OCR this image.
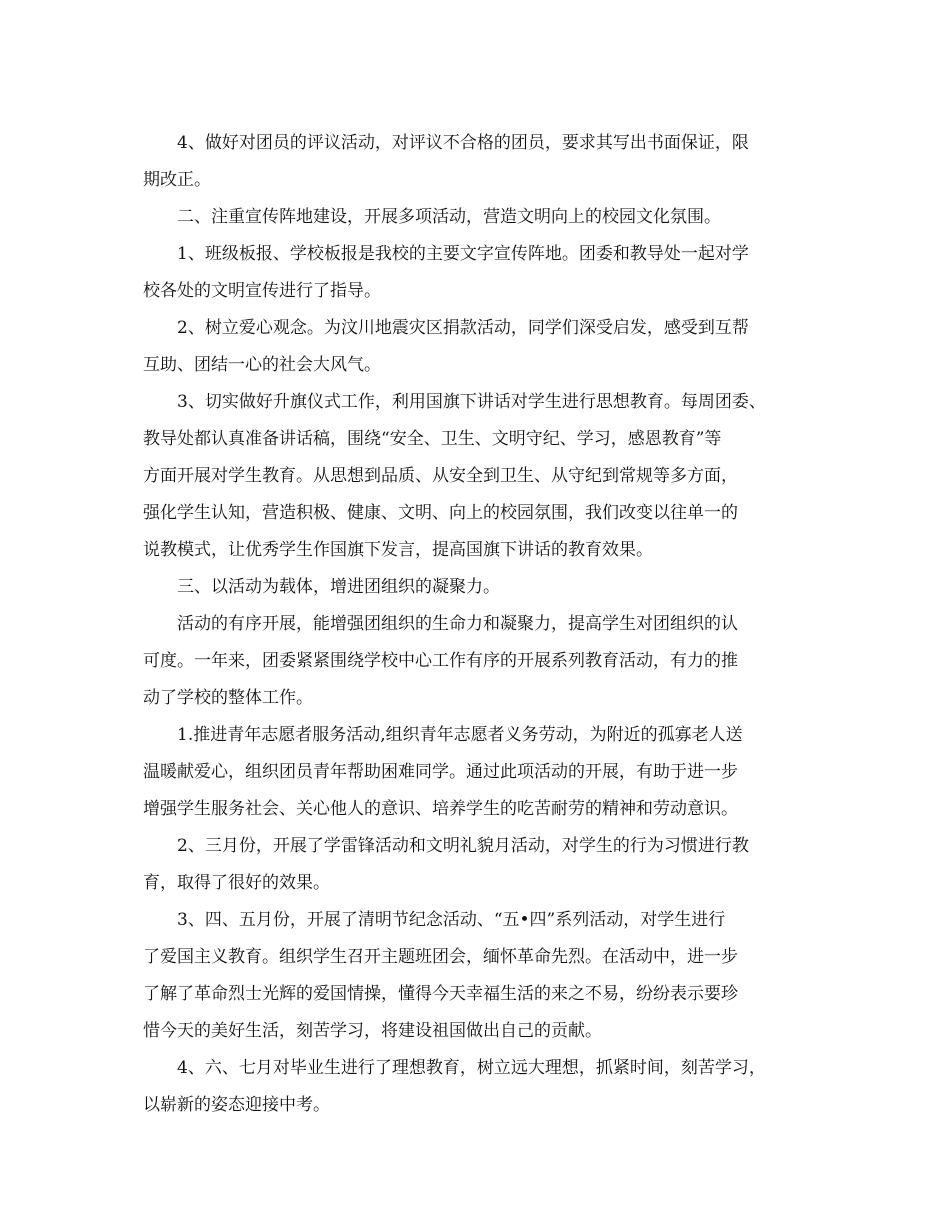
4、做好对团员的评议活动，对评议不合格的团员，要求其写出书面保证，限
期改正。
二、注重宣传阵地建设，开展多项活动，营造文明向上的校园文化氛围。
1、班级板报、学校板报是我校的主要文字宣传阵地。团委和教导处一起对学
校各处的文明宣传进行了指导。
2、树立爱心观念。为汶川地震灾区捐款活动，同学们深受启发，感受到互帮
互助、团结一心的社会大风气。
3、切实做好升旗仪式工作，利用国旗下讲话对学生进行思想教育。每周团委、
教导处都认真准备讲话稿，围绕“安全、卫生、文明守纪、学习，感恩教育”等
方面开展对学生教育。从思想到品质、从安全到卫生、从守纪到常规等多方面，
强化学生认知，营造积极、健康、文明、向上的校园氛围，我们改变以往单一的
说教模式，让优秀学生作国旗下发言，提高国旗下讲话的教育效果。
三、以活动为载体，增进团组织的凝聚力。
活动的有序开展，能增强团组织的生命力和凝聚力，提高学生对团组织的认
可度。一年来，团委紧紧围绕学校中心工作有序的开展系列教育活动，有力的推
动了学校的整体工作。
1.推进青年志愿者服务活动,组织青年志愿者义务劳动，为附近的孤寡老人送
温暖献爱心，组织团员青年帮助困难同学。通过此项活动的开展，有助于进一步
增强学生服务社会、关心他人的意识、培养学生的吃苦耐劳的精神和劳动意识。
2、三月份，开展了学雷锋活动和文明礼貌月活动，对学生的行为习惯进行教
育，取得了很好的效果。
3、四、五月份，开展了清明节纪念活动、“五•四”系列活动，对学生进行
了爱国主义教育。组织学生召开主题班团会，缅怀革命先烈。在活动中，进一步
了解了革命烈士光辉的爱国情操，懂得今天幸福生活的来之不易，纷纷表示要珍
惜今天的美好生活，刻苦学习，将建设祖国做出自己的贡献。
4、六、七月对毕业生进行了理想教育，树立远大理想，抓紧时间，刻苦学习，
以崭新的姿态迎接中考。
